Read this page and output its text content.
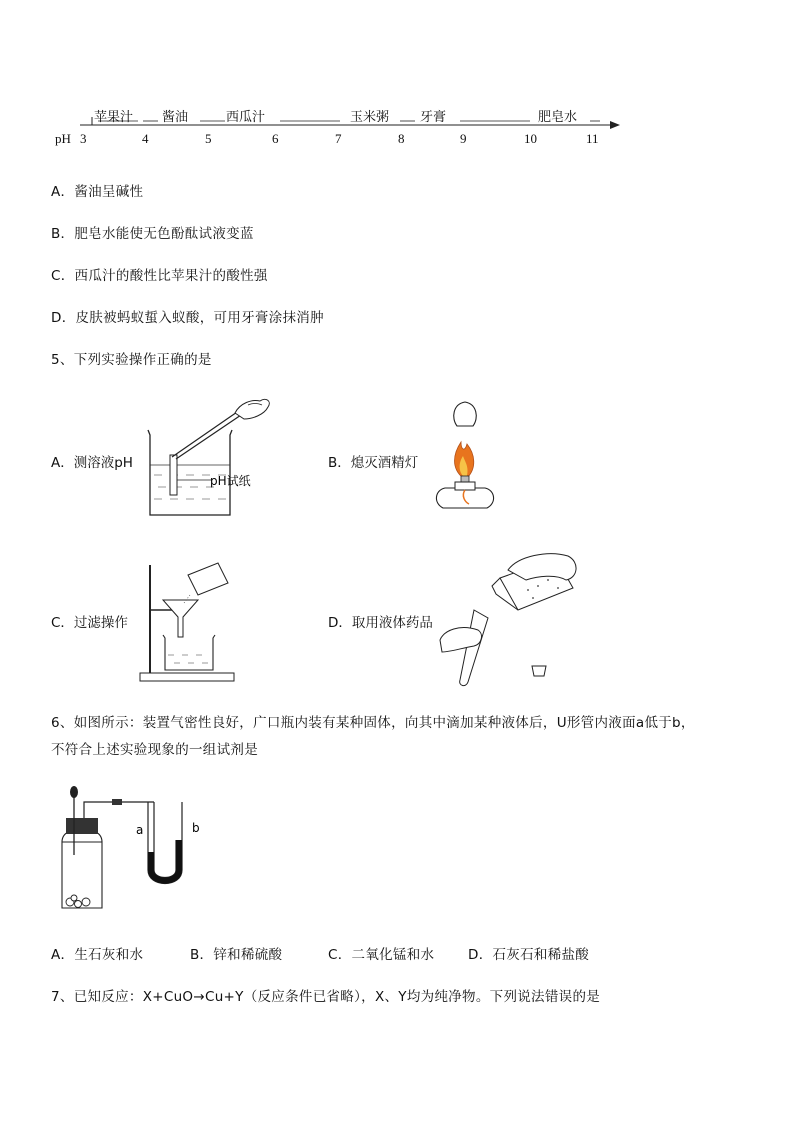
pH 3	4	5	6	7	8	9	10	11
苹果汁 酱油	西瓜汁	玉米粥 牙膏	肥皂水
A．酱油呈碱性
B．肥皂水能使无色酚酞试液变蓝
C．西瓜汁的酸性比苹果汁的酸性强
D．皮肤被蚂蚁蜇入蚁酸，可用牙膏涂抹消肿
5、下列实验操作正确的是
A．测溶液pH
pH试纸
B．熄灭酒精灯
C．过滤操作	D．取用液体药品
6、如图所示：装置气密性良好，广口瓶内装有某种固体，向其中滴加某种液体后，U形管内液面a低于b，
不符合上述实验现象的一组试剂是
a	b
A．生石灰和水	B．锌和稀硫酸	C．二氧化锰和水 D．石灰石和稀盐酸
7、已知反应：X+CuO→Cu+Y（反应条件已省略），X、Y均为纯净物。下列说法错误的是
